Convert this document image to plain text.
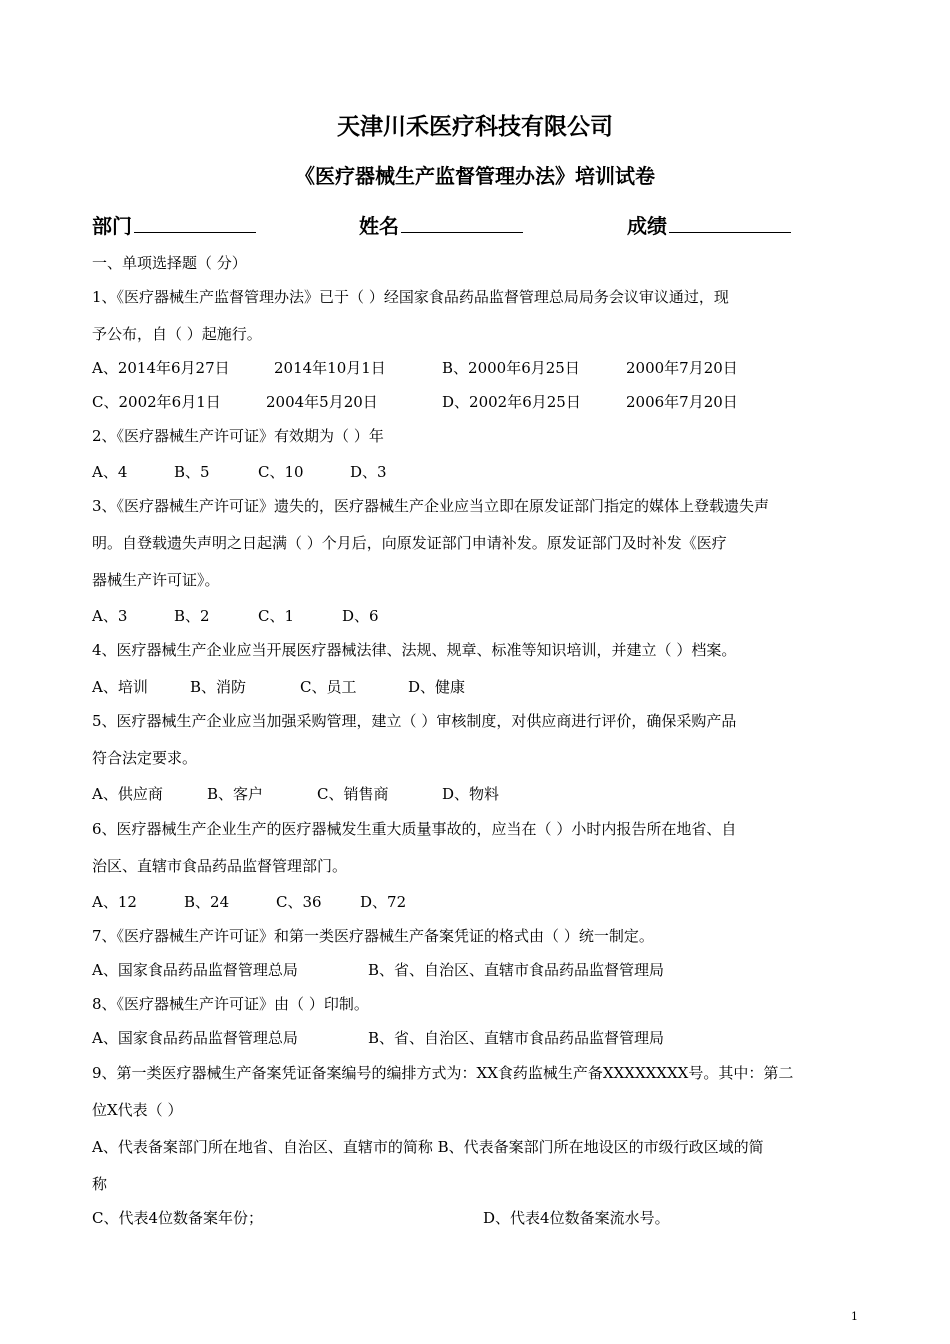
天津川禾医疗科技有限公司
《医疗器械生产监督管理办法》培训试卷
部门	姓名	成绩
一、单项选择题（ 分）
1、《医疗器械生产监督管理办法》已于（ ）经国家食品药品监督管理总局局务会议审议通过，现
予公布，自（ ）起施行。
A、2014年6月27日	2014年10月1日	B、2000年6月25日	2000年7月20日
C、2002年6月1日	2004年5月20日	D、2002年6月25日	2006年7月20日
2、《医疗器械生产许可证》有效期为（ ）年
A、4	B、5	C、10	D、3
3、《医疗器械生产许可证》遗失的，医疗器械生产企业应当立即在原发证部门指定的媒体上登载遗失声
明。自登载遗失声明之日起满（ ）个月后，向原发证部门申请补发。原发证部门及时补发《医疗
器械生产许可证》。
A、3	B、2	C、1	D、6
4、医疗器械生产企业应当开展医疗器械法律、法规、规章、标准等知识培训，并建立（ ）档案。
A、培训	B、消防	C、员工	D、健康
5、医疗器械生产企业应当加强采购管理，建立（ ）审核制度，对供应商进行评价，确保采购产品
符合法定要求。
A、供应商	B、客户	C、销售商	D、物料
6、医疗器械生产企业生产的医疗器械发生重大质量事故的，应当在（ ）小时内报告所在地省、自
治区、直辖市食品药品监督管理部门。
A、12	B、24	C、36	D、72
7、《医疗器械生产许可证》和第一类医疗器械生产备案凭证的格式由（ ）统一制定。
A、国家食品药品监督管理总局	B、省、自治区、直辖市食品药品监督管理局
8、《医疗器械生产许可证》由（ ）印制。
A、国家食品药品监督管理总局	B、省、自治区、直辖市食品药品监督管理局
9、第一类医疗器械生产备案凭证备案编号的编排方式为：XX食药监械生产备XXXXXXXX号。其中：第二
位X代表（ ）
A、代表备案部门所在地省、自治区、直辖市的简称 B、代表备案部门所在地设区的市级行政区域的简
称
C、代表4位数备案年份；	D、代表4位数备案流水号。
1
